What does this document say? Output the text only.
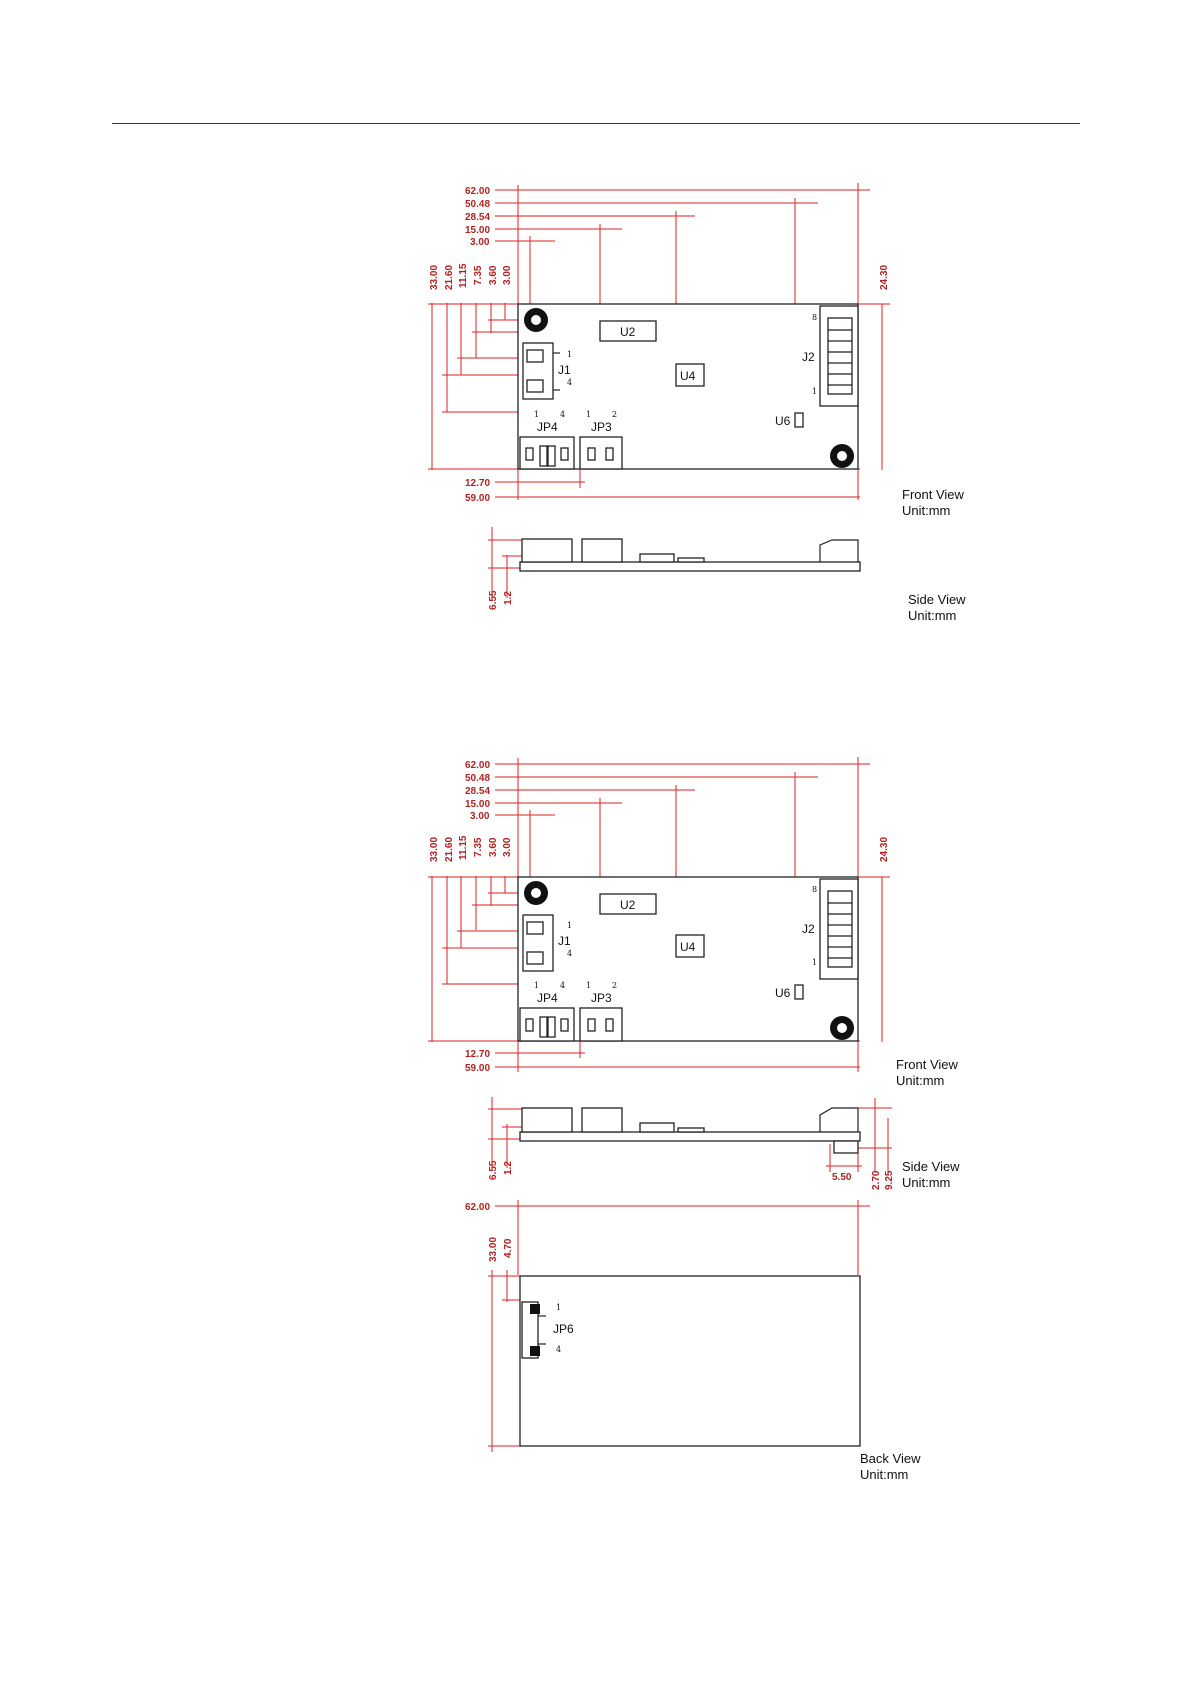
62.00
50.48
28.54
15.00
3.00
33.00 21.60 11.15 7.35 3.60 3.00	24.30
12.70
59.00
U2
U4
U6
J1
1
4
J2
8
1
1	4	1	2
JP4	JP3
Front View
Unit:mm
6.55 1.2	Side View
Unit:mm
62.00
50.48
28.54
15.00
3.00
33.00 21.60 11.15 7.35 3.60 3.00	24.30
12.70
59.00
U2
U4
U6
J1
1
4
J2
8
1
1	4	1	2
JP4	JP3
Front View
Unit:mm
6.55 1.2
5.50 2.70 9.25
Side View
Unit:mm
62.00
33.00 4.70
1
JP6
4
Back View
Unit:mm
